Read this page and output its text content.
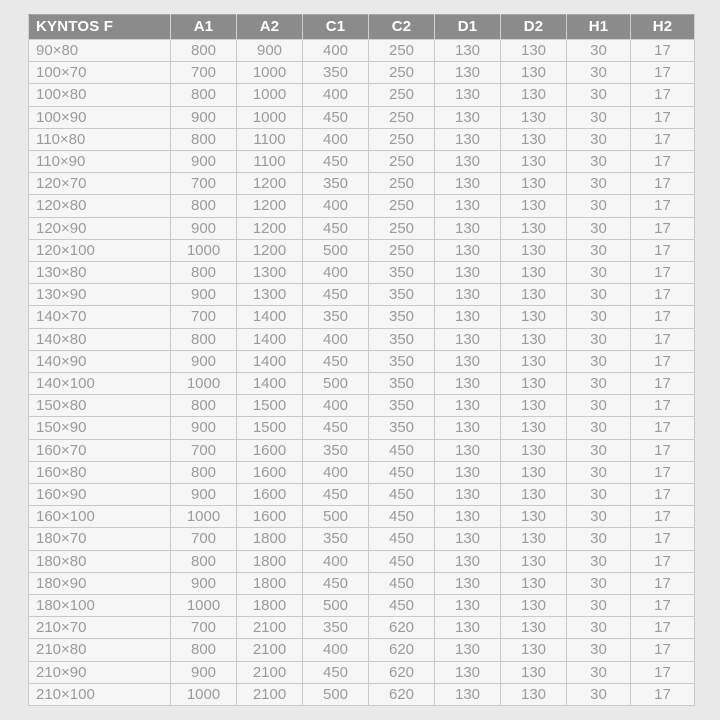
KYNTOS F	A1	A2	C1	C2	D1	D2	H1	H2
90×80	800	900	400	250	130	130	30	17
100×70	700	1000	350	250	130	130	30	17
100×80	800	1000	400	250	130	130	30	17
100×90	900	1000	450	250	130	130	30	17
110×80	800	1100	400	250	130	130	30	17
110×90	900	1100	450	250	130	130	30	17
120×70	700	1200	350	250	130	130	30	17
120×80	800	1200	400	250	130	130	30	17
120×90	900	1200	450	250	130	130	30	17
120×100	1000	1200	500	250	130	130	30	17
130×80	800	1300	400	350	130	130	30	17
130×90	900	1300	450	350	130	130	30	17
140×70	700	1400	350	350	130	130	30	17
140×80	800	1400	400	350	130	130	30	17
140×90	900	1400	450	350	130	130	30	17
140×100	1000	1400	500	350	130	130	30	17
150×80	800	1500	400	350	130	130	30	17
150×90	900	1500	450	350	130	130	30	17
160×70	700	1600	350	450	130	130	30	17
160×80	800	1600	400	450	130	130	30	17
160×90	900	1600	450	450	130	130	30	17
160×100	1000	1600	500	450	130	130	30	17
180×70	700	1800	350	450	130	130	30	17
180×80	800	1800	400	450	130	130	30	17
180×90	900	1800	450	450	130	130	30	17
180×100	1000	1800	500	450	130	130	30	17
210×70	700	2100	350	620	130	130	30	17
210×80	800	2100	400	620	130	130	30	17
210×90	900	2100	450	620	130	130	30	17
210×100	1000	2100	500	620	130	130	30	17
